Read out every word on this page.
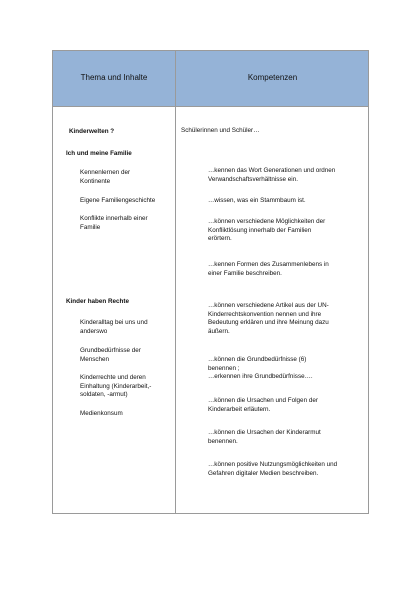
Thema und Inhalte	Kompetenzen
Kinderwelten ?
Ich und meine Familie
Kennenlernen der
Kontinente
Eigene Familiengeschichte
Konflikte innerhalb einer
Familie
Kinder haben Rechte
Kinderalltag bei uns und
anderswo
Grundbedürfnisse der
Menschen
Kinderrechte und deren
Einhaltung (Kinderarbeit,-
soldaten, -armut)
Medienkonsum
Schülerinnen und Schüler…
…kennen das Wort Generationen und ordnen
Verwandschaftsverhältnisse ein.
…wissen, was ein Stammbaum ist.
…können verschiedene Möglichkeiten der
Konfliktlösung innerhalb der Familien
erörtern.
…kennen Formen des Zusammenlebens in
einer Familie beschreiben.
…können verschiedene Artikel aus der UN-
Kinderrechtskonvention nennen und ihre
Bedeutung erklären und ihre Meinung dazu
äußern.
…können die Grundbedürfnisse (6)
benennen ;
…erkennen ihre Grundbedürfnisse….
…können die Ursachen und Folgen der
Kinderarbeit erläutern.
…können die Ursachen der Kinderarmut
benennen.
…können positive Nutzungsmöglichkeiten und
Gefahren digitaler Medien beschreiben.
